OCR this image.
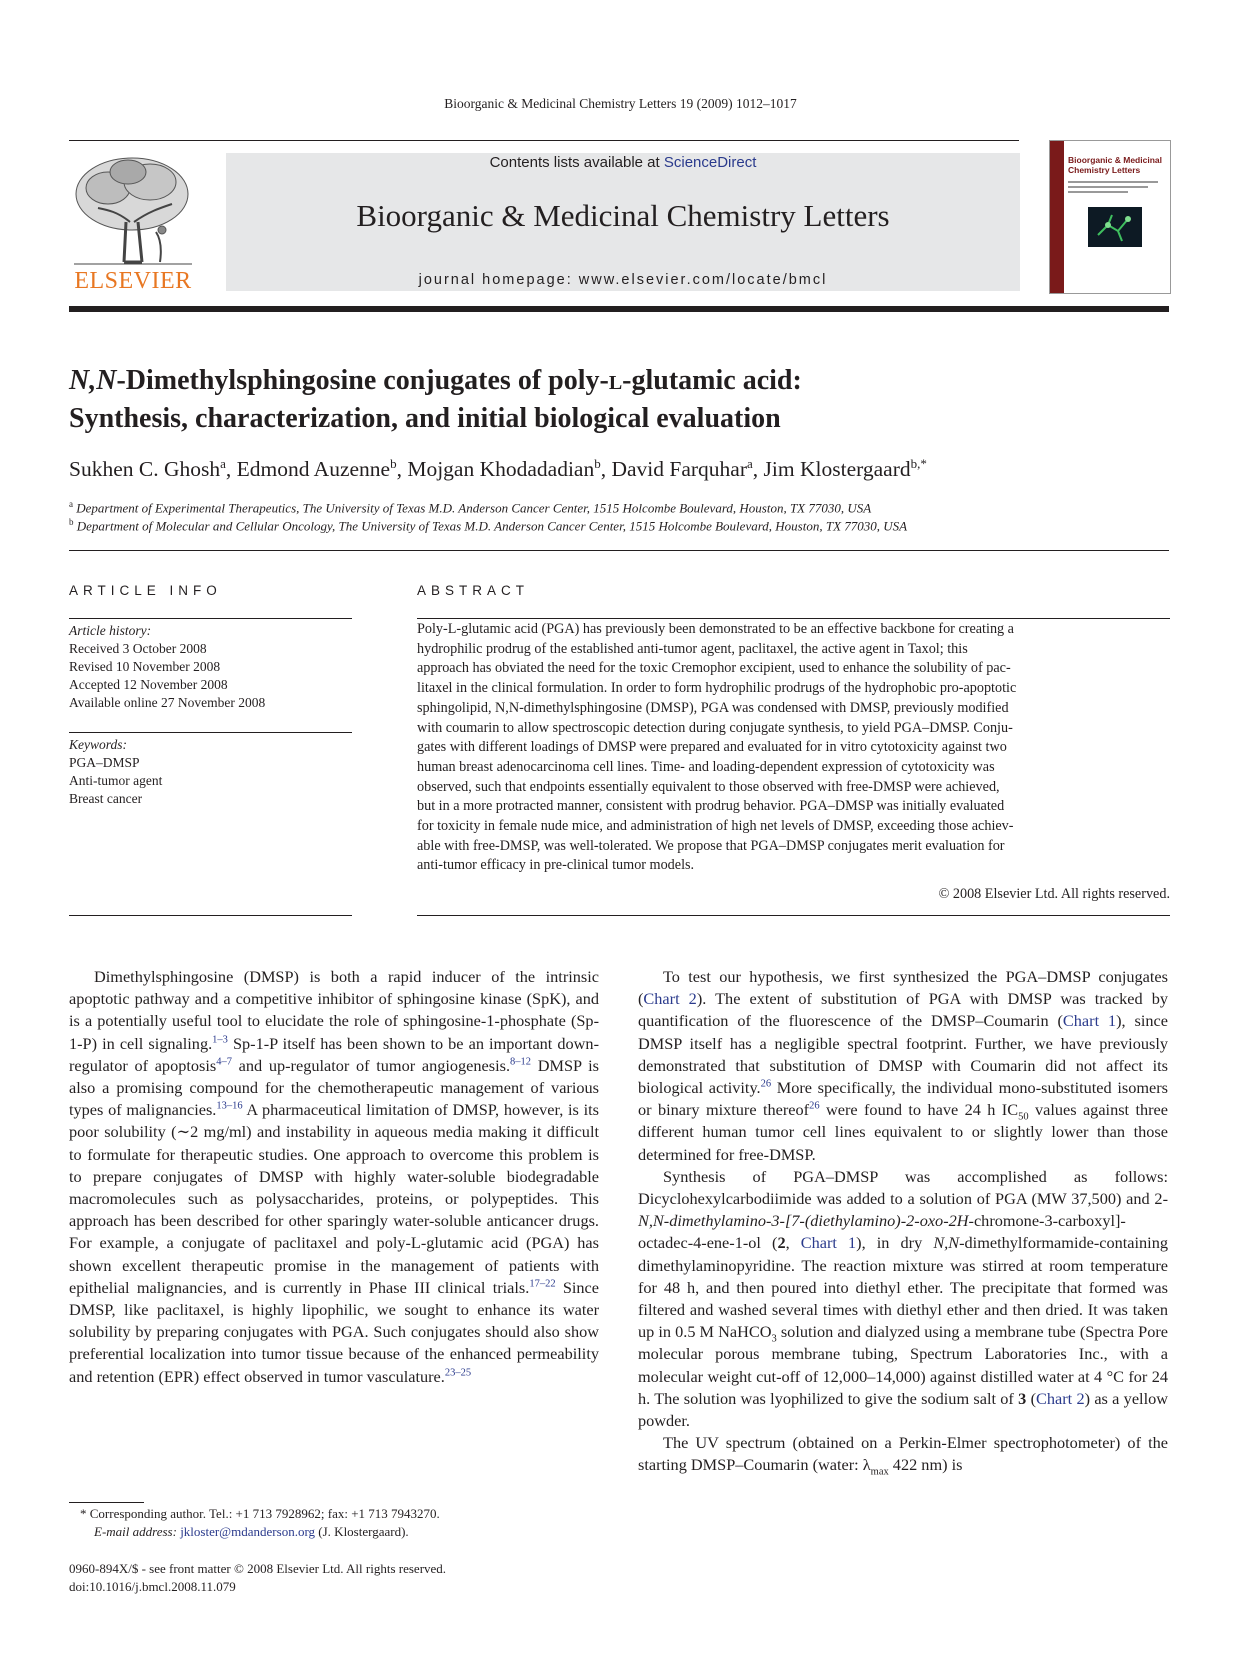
Bioorganic & Medicinal Chemistry Letters 19 (2009) 1012–1017
ELSEVIER
Contents lists available at ScienceDirect
Bioorganic & Medicinal Chemistry Letters
journal homepage: www.elsevier.com/locate/bmcl
Bioorganic & Medicinal Chemistry Letters
N,N-Dimethylsphingosine conjugates of poly-l-glutamic acid:
Synthesis, characterization, and initial biological evaluation
Sukhen C. Ghosh$^a$, Edmond Auzenne$^b$, Mojgan Khodadadian$^b$, David Farquhar$^a$, Jim Klostergaard$^{b,*}$
$^a$ Department of Experimental Therapeutics, The University of Texas M.D. Anderson Cancer Center, 1515 Holcombe Boulevard, Houston, TX 77030, USA
$^b$ Department of Molecular and Cellular Oncology, The University of Texas M.D. Anderson Cancer Center, 1515 Holcombe Boulevard, Houston, TX 77030, USA
ARTICLE INFO
Article history:
Received 3 October 2008
Revised 10 November 2008
Accepted 12 November 2008
Available online 27 November 2008
Keywords:
PGA–DMSP
Anti-tumor agent
Breast cancer
ABSTRACT
Poly-L-glutamic acid (PGA) has previously been demonstrated to be an effective backbone for creating a
hydrophilic prodrug of the established anti-tumor agent, paclitaxel, the active agent in Taxol; this
approach has obviated the need for the toxic Cremophor excipient, used to enhance the solubility of pac-
litaxel in the clinical formulation. In order to form hydrophilic prodrugs of the hydrophobic pro-apoptotic
sphingolipid, N,N-dimethylsphingosine (DMSP), PGA was condensed with DMSP, previously modified
with coumarin to allow spectroscopic detection during conjugate synthesis, to yield PGA–DMSP. Conju-
gates with different loadings of DMSP were prepared and evaluated for in vitro cytotoxicity against two
human breast adenocarcinoma cell lines. Time- and loading-dependent expression of cytotoxicity was
observed, such that endpoints essentially equivalent to those observed with free-DMSP were achieved,
but in a more protracted manner, consistent with prodrug behavior. PGA–DMSP was initially evaluated
for toxicity in female nude mice, and administration of high net levels of DMSP, exceeding those achiev-
able with free-DMSP, was well-tolerated. We propose that PGA–DMSP conjugates merit evaluation for
anti-tumor efficacy in pre-clinical tumor models.
© 2008 Elsevier Ltd. All rights reserved.

Dimethylsphingosine (DMSP) is both a rapid inducer of the intrinsic apoptotic pathway and a competitive inhibitor of sphingosine kinase (SpK), and is a potentially useful tool to elucidate the role of sphingosine-1-phosphate (Sp-1-P) in cell signaling.$^{1-3}$ Sp-1-P itself has been shown to be an important down-regulator of apoptosis$^{4-7}$ and up-regulator of tumor angiogenesis.$^{8-12}$ DMSP is also a promising compound for the chemotherapeutic management of various types of malignancies.$^{13-16}$ A pharmaceutical limitation of DMSP, however, is its poor solubility (∼2 mg/ml) and instability in aqueous media making it difficult to formulate for therapeutic studies. One approach to overcome this problem is to prepare conjugates of DMSP with highly water-soluble biodegradable macromolecules such as polysaccharides, proteins, or polypeptides. This approach has been described for other sparingly water-soluble anticancer drugs. For example, a conjugate of paclitaxel and poly-L-glutamic acid (PGA) has shown excellent therapeutic promise in the management of patients with epithelial malignancies, and is currently in Phase III clinical trials.$^{17-22}$ Since DMSP, like paclitaxel, is highly lipophilic, we sought to enhance its water solubility by preparing conjugates with PGA. Such conjugates should also show preferential localization into tumor tissue because of the enhanced permeability and retention (EPR) effect observed in tumor vasculature.$^{23-25}$

* Corresponding author. Tel.: +1 713 7928962; fax: +1 713 7943270.
E-mail address: jkloster@mdanderson.org (J. Klostergaard).
0960-894X/$ - see front matter © 2008 Elsevier Ltd. All rights reserved.
doi:10.1016/j.bmcl.2008.11.079

To test our hypothesis, we first synthesized the PGA–DMSP conjugates (Chart 2). The extent of substitution of PGA with DMSP was tracked by quantification of the fluorescence of the DMSP–Coumarin (Chart 1), since DMSP itself has a negligible spectral footprint. Further, we have previously demonstrated that substitution of DMSP with Coumarin did not affect its biological activity.$^{26}$ More specifically, the individual mono-substituted isomers or binary mixture thereof$^{26}$ were found to have 24 h $IC_{50}$ values against three different human tumor cell lines equivalent to or slightly lower than those determined for free-DMSP.

Synthesis of PGA–DMSP was accomplished as follows: Dicyclohexylcarbodiimide was added to a solution of PGA (MW 37,500) and 2-N,N-dimethylamino-3-[7-(diethylamino)-2-oxo-2H-chromone-3-carboxyl]-octadec-4-ene-1-ol (2, Chart 1), in dry N,N-dimethylformamide-containing dimethylaminopyridine. The reaction mixture was stirred at room temperature for 48 h, and then poured into diethyl ether. The precipitate that formed was filtered and washed several times with diethyl ether and then dried. It was taken up in 0.5 M NaHCO$_3$ solution and dialyzed using a membrane tube (Spectra Pore molecular porous membrane tubing, Spectrum Laboratories Inc., with a molecular weight cut-off of 12,000–14,000) against distilled water at 4 °C for 24 h. The solution was lyophilized to give the sodium salt of 3 (Chart 2) as a yellow powder.

The UV spectrum (obtained on a Perkin-Elmer spectrophotometer) of the starting DMSP–Coumarin (water: $\lambda_{max}$ 422 nm) is
